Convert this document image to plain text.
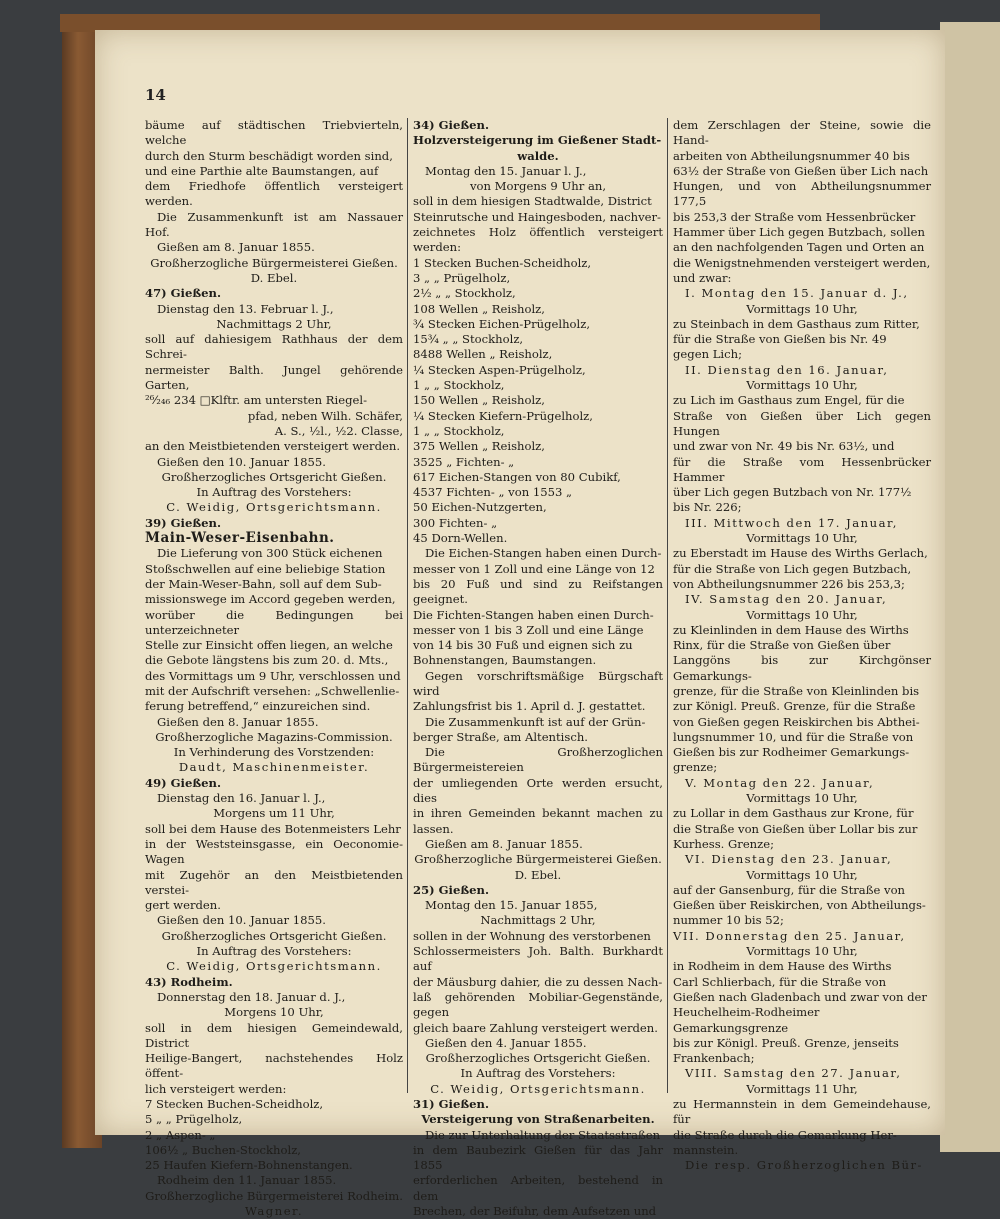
14

bäume auf städtischen Triebvierteln, welche

durch den Sturm beschädigt worden sind,

und eine Parthie alte Baumstangen, auf

dem Friedhofe öffentlich versteigert werden.

Die Zusammenkunft ist am Nassauer Hof.

Gießen am 8. Januar 1855.

Großherzogliche Bürgermeisterei Gießen.

D. Ebel.

47) Gießen.

Dienstag den 13. Februar l. J.,

Nachmittags 2 Uhr,

soll auf dahiesigem Rathhaus der dem Schrei-

nermeister Balth. Jungel gehörende Garten,

²⁶⁄₂₄₆ 234 □Klftr. am untersten Riegel-

pfad, neben Wilh. Schäfer,

A. S., ½l., ½2. Classe,

an den Meistbietenden versteigert werden.

Gießen den 10. Januar 1855.

Großherzogliches Ortsgericht Gießen.

In Auftrag des Vorstehers:

C. Weidig, Ortsgerichtsmann.

39) Gießen.

Main-Weser-Eisenbahn.

Die Lieferung von 300 Stück eichenen

Stoßschwellen auf eine beliebige Station

der Main-Weser-Bahn, soll auf dem Sub-

missionswege im Accord gegeben werden,

worüber die Bedingungen bei unterzeichneter

Stelle zur Einsicht offen liegen, an welche

die Gebote längstens bis zum 20. d. Mts.,

des Vormittags um 9 Uhr, verschlossen und

mit der Aufschrift versehen: „Schwellenlie-

ferung betreffend,“ einzureichen sind.

Gießen den 8. Januar 1855.

Großherzogliche Magazins-Commission.

In Verhinderung des Vorstzenden:

Daudt, Maschinenmeister.

49) Gießen.

Dienstag den 16. Januar l. J.,

Morgens um 11 Uhr,

soll bei dem Hause des Botenmeisters Lehr

in der Weststeinsgasse, ein Oeconomie-Wagen

mit Zugehör an den Meistbietenden verstei-

gert werden.

Gießen den 10. Januar 1855.

Großherzogliches Ortsgericht Gießen.

In Auftrag des Vorstehers:

C. Weidig, Ortsgerichtsmann.

43) Rodheim.

Donnerstag den 18. Januar d. J.,

Morgens 10 Uhr,

soll in dem hiesigen Gemeindewald, District

Heilige-Bangert, nachstehendes Holz öffent-

lich versteigert werden:

7 Stecken Buchen-Scheidholz,

5 „ „ Prügelholz,

2 „ Aspen- „

106½ „ Buchen-Stockholz,

25 Haufen Kiefern-Bohnenstangen.

Rodheim den 11. Januar 1855.

Großherzogliche Bürgermeisterei Rodheim.

Wagner.

34) Gießen.

Holzversteigerung im Gießener Stadt-

walde.

Montag den 15. Januar l. J.,

von Morgens 9 Uhr an,

soll in dem hiesigen Stadtwalde, District

Steinrutsche und Haingesboden, nachver-

zeichnetes Holz öffentlich versteigert werden:

1 Stecken Buchen-Scheidholz,

3 „ „ Prügelholz,

2½ „ „ Stockholz,

108 Wellen „ Reisholz,

¾ Stecken Eichen-Prügelholz,

15¾ „ „ Stockholz,

8488 Wellen „ Reisholz,

¼ Stecken Aspen-Prügelholz,

1 „ „ Stockholz,

150 Wellen „ Reisholz,

¼ Stecken Kiefern-Prügelholz,

1 „ „ Stockholz,

375 Wellen „ Reisholz,

3525 „ Fichten- „

617 Eichen-Stangen von 80 Cubikf,

4537 Fichten- „ von 1553 „

50 Eichen-Nutzgerten,

300 Fichten- „

45 Dorn-Wellen.

Die Eichen-Stangen haben einen Durch-

messer von 1 Zoll und eine Länge von 12

bis 20 Fuß und sind zu Reifstangen geeignet.

Die Fichten-Stangen haben einen Durch-

messer von 1 bis 3 Zoll und eine Länge

von 14 bis 30 Fuß und eignen sich zu

Bohnenstangen, Baumstangen.

Gegen vorschriftsmäßige Bürgschaft wird

Zahlungsfrist bis 1. April d. J. gestattet.

Die Zusammenkunft ist auf der Grün-

berger Straße, am Altentisch.

Die Großherzoglichen Bürgermeistereien

der umliegenden Orte werden ersucht, dies

in ihren Gemeinden bekannt machen zu lassen.

Gießen am 8. Januar 1855.

Großherzogliche Bürgermeisterei Gießen.

D. Ebel.

25) Gießen.

Montag den 15. Januar 1855,

Nachmittags 2 Uhr,

sollen in der Wohnung des verstorbenen

Schlossermeisters Joh. Balth. Burkhardt auf

der Mäusburg dahier, die zu dessen Nach-

laß gehörenden Mobiliar-Gegenstände, gegen

gleich baare Zahlung versteigert werden.

Gießen den 4. Januar 1855.

Großherzogliches Ortsgericht Gießen.

In Auftrag des Vorstehers:

C. Weidig, Ortsgerichtsmann.

31) Gießen.

Versteigerung von Straßenarbeiten.

Die zur Unterhaltung der Staatsstraßen

in dem Baubezirk Gießen für das Jahr 1855

erforderlichen Arbeiten, bestehend in dem

Brechen, der Beifuhr, dem Aufsetzen und

dem Zerschlagen der Steine, sowie die Hand-

arbeiten von Abtheilungsnummer 40 bis

63½ der Straße von Gießen über Lich nach

Hungen, und von Abtheilungsnummer 177,5

bis 253,3 der Straße vom Hessenbrücker

Hammer über Lich gegen Butzbach, sollen

an den nachfolgenden Tagen und Orten an

die Wenigstnehmenden versteigert werden,

und zwar:

I. Montag den 15. Januar d. J.,

Vormittags 10 Uhr,

zu Steinbach in dem Gasthaus zum Ritter,

für die Straße von Gießen bis Nr. 49

gegen Lich;

II. Dienstag den 16. Januar,

Vormittags 10 Uhr,

zu Lich im Gasthaus zum Engel, für die

Straße von Gießen über Lich gegen Hungen

und zwar von Nr. 49 bis Nr. 63½, und

für die Straße vom Hessenbrücker Hammer

über Lich gegen Butzbach von Nr. 177½

bis Nr. 226;

III. Mittwoch den 17. Januar,

Vormittags 10 Uhr,

zu Eberstadt im Hause des Wirths Gerlach,

für die Straße von Lich gegen Butzbach,

von Abtheilungsnummer 226 bis 253,3;

IV. Samstag den 20. Januar,

Vormittags 10 Uhr,

zu Kleinlinden in dem Hause des Wirths

Rinx, für die Straße von Gießen über

Langgöns bis zur Kirchgönser Gemarkungs-

grenze, für die Straße von Kleinlinden bis

zur Königl. Preuß. Grenze, für die Straße

von Gießen gegen Reiskirchen bis Abthei-

lungsnummer 10, und für die Straße von

Gießen bis zur Rodheimer Gemarkungs-

grenze;

V. Montag den 22. Januar,

Vormittags 10 Uhr,

zu Lollar in dem Gasthaus zur Krone, für

die Straße von Gießen über Lollar bis zur

Kurhess. Grenze;

VI. Dienstag den 23. Januar,

Vormittags 10 Uhr,

auf der Gansenburg, für die Straße von

Gießen über Reiskirchen, von Abtheilungs-

nummer 10 bis 52;

VII. Donnerstag den 25. Januar,

Vormittags 10 Uhr,

in Rodheim in dem Hause des Wirths

Carl Schlierbach, für die Straße von

Gießen nach Gladenbach und zwar von der

Heuchelheim-Rodheimer Gemarkungsgrenze

bis zur Königl. Preuß. Grenze, jenseits

Frankenbach;

VIII. Samstag den 27. Januar,

Vormittags 11 Uhr,

zu Hermannstein in dem Gemeindehause, für

die Straße durch die Gemarkung Her-

mannstein.

Die resp. Großherzoglichen Bür-
